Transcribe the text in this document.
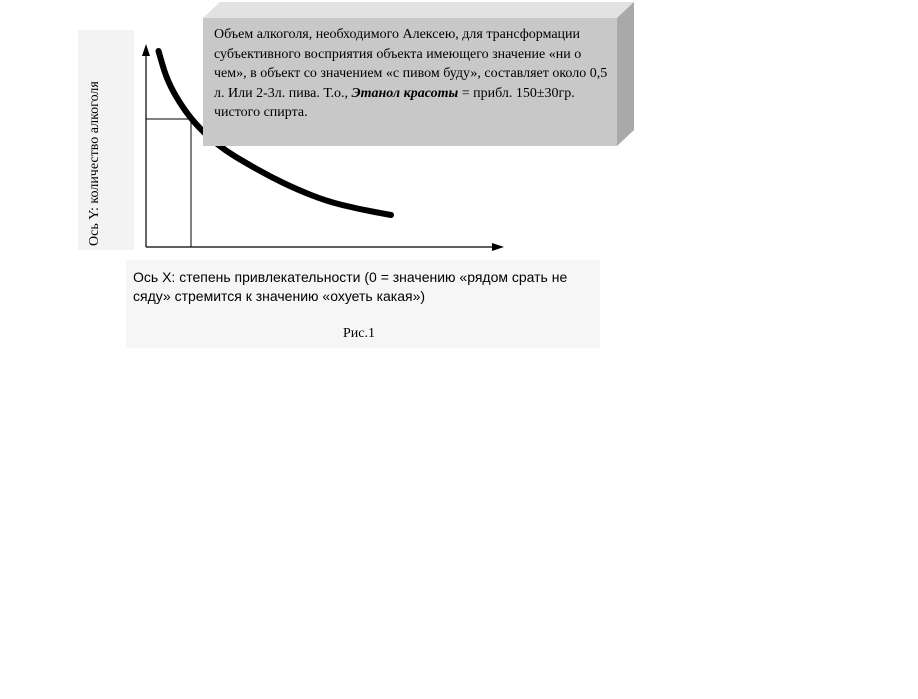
Ось Y: количество алкоголя
Объем алкоголя, необходимого Алексею, для трансформации субъективного восприятия объекта имеющего значение «ни о чем», в объект со значением «с пивом буду», составляет около 0,5 л. Или 2-3л. пива. Т.о., Этанол красоты = прибл. 150±30гр. чистого спирта.
Ось Х: степень привлекательности (0 = значению «рядом срать не сяду» стремится к значению «охуеть какая»)
Рис.1
